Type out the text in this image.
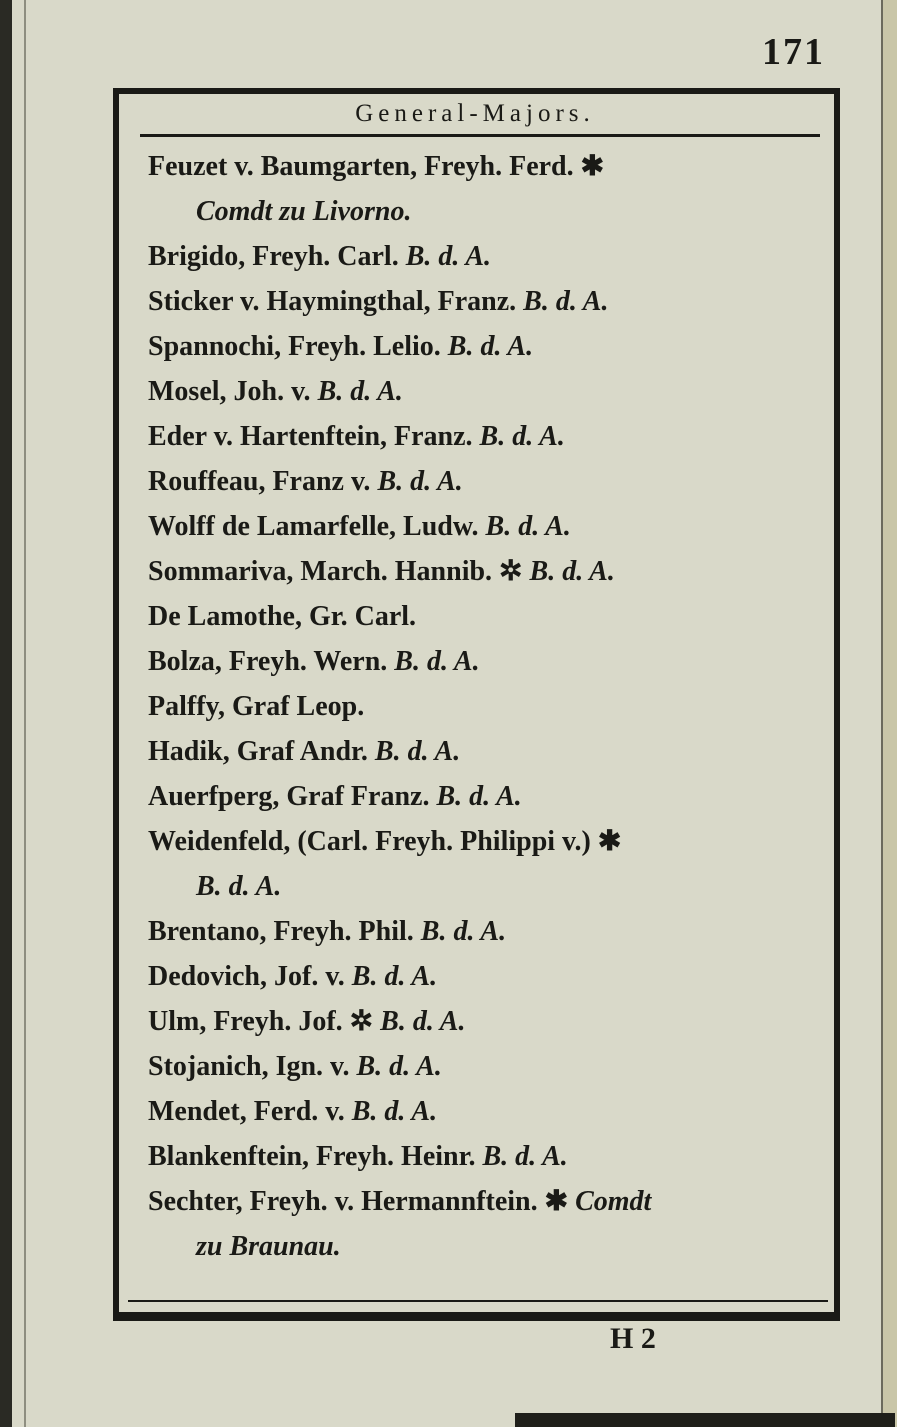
171
General-Majors.
Feuzet v. Baumgarten, Freyh. Ferd. ✱
Comdt zu Livorno.
Brigido, Freyh. Carl. B. d. A.
Sticker v. Haymingthal, Franz. B. d. A.
Spannochi, Freyh. Lelio. B. d. A.
Mosel, Joh. v. B. d. A.
Eder v. Hartenftein, Franz. B. d. A.
Rouffeau, Franz v. B. d. A.
Wolff de Lamarfelle, Ludw. B. d. A.
Sommariva, March. Hannib. ✲ B. d. A.
De Lamothe, Gr. Carl.
Bolza, Freyh. Wern. B. d. A.
Palffy, Graf Leop.
Hadik, Graf Andr. B. d. A.
Auerfperg, Graf Franz. B. d. A.
Weidenfeld, (Carl. Freyh. Philippi v.) ✱
B. d. A.
Brentano, Freyh. Phil. B. d. A.
Dedovich, Jof. v. B. d. A.
Ulm, Freyh. Jof. ✲ B. d. A.
Stojanich, Ign. v. B. d. A.
Mendet, Ferd. v. B. d. A.
Blankenftein, Freyh. Heinr. B. d. A.
Sechter, Freyh. v. Hermannftein. ✱ Comdt
zu Braunau.
H 2
